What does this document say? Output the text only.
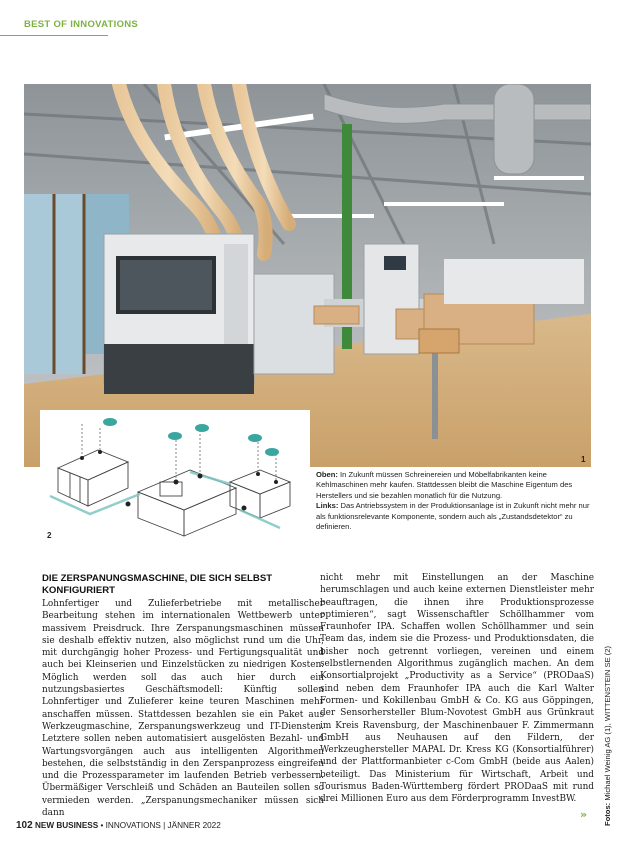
BEST OF INNOVATIONS
1
2

Oben: In Zukunft müssen Schreinereien und Möbelfabrikanten keine Kehlmaschinen mehr kaufen. Stattdessen bleibt die Maschine Eigentum des Herstellers und sie bezahlen monatlich für die Nutzung.

Links: Das Antriebssystem in der Produktionsanlage ist in Zukunft nicht mehr nur als funktionsrelevante Komponente, sondern auch als „Zustandsdetektor“ zu definieren.

DIE ZERSPANUNGSMASCHINE, DIE SICH SELBST KONFIGURIERT

Lohnfertiger und Zulieferbetriebe mit metallischer Bearbeitung stehen im internationalen Wettbewerb unter massivem Preisdruck. Ihre Zerspanungsmaschinen müssen sie deshalb effektiv nutzen, also möglichst rund um die Uhr, mit durchgängig hoher Prozess- und Fertigungsqualität und auch bei Kleinserien und Einzelstücken zu niedrigen Kosten. Möglich werden soll das auch hier durch ein nutzungsbasiertes Geschäftsmodell: Künftig sollen Lohnfertiger und Zulieferer keine teuren Maschinen mehr anschaffen müssen. Stattdessen bezahlen sie ein Paket aus Werkzeugmaschine, Zerspanungswerkzeug und IT-Diensten. Letztere sollen neben automatisiert ausgelösten Bezahl- und Wartungsvorgängen auch aus intelligenten Algorithmen bestehen, die selbstständig in den Zerspanprozess eingreifen und die Prozessparameter im laufenden Betrieb verbessern. Übermäßiger Verschleiß und Schäden an Bauteilen sollen so vermieden werden. „Zerspanungsmechaniker müssen sich dann

nicht mehr mit Einstellungen an der Maschine herumschlagen und auch keine externen Dienstleister mehr beauftragen, die ihnen ihre Produktionsprozesse optimieren“, sagt Wissenschaftler Schöllhammer vom Fraunhofer IPA. Schaffen wollen Schöllhammer und sein Team das, indem sie die Prozess- und Produktionsdaten, die bisher noch getrennt vorliegen, vereinen und einem selbstlernenden Algorithmus zugänglich machen. An dem Konsortialprojekt „Productivity as a Service“ (PRODaaS) sind neben dem Fraunhofer IPA auch die Karl Walter Formen- und Kokillenbau GmbH & Co. KG aus Göppingen, der Sensorhersteller Blum-Novotest GmbH aus Grünkraut im Kreis Ravensburg, der Maschinenbauer F. Zimmermann GmbH aus Neuhausen auf den Fildern, der Werkzeughersteller MAPAL Dr. Kress KG (Konsortialführer) und der Plattformanbieter c-Com GmbH (beide aus Aalen) beteiligt. Das Ministerium für Wirtschaft, Arbeit und Tourismus Baden-Württemberg fördert PRODaaS mit rund drei Millionen Euro aus dem Förderprogramm InvestBW.

» Fotos: Michael Weinig AG (1), WITTENSTEIN SE (2)
102 NEW BUSINESS • INNOVATIONS | JÄNNER 2022
